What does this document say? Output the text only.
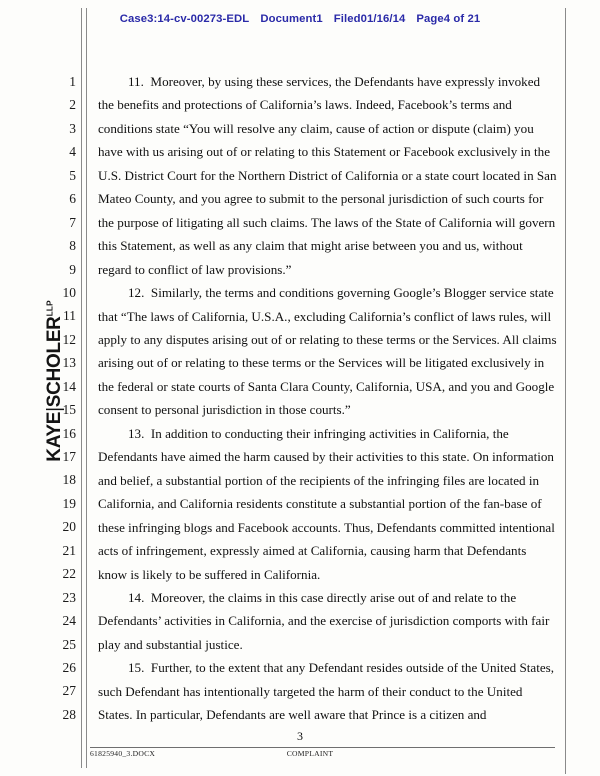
Case3:14-cv-00273-EDL Document1 Filed01/16/14 Page4 of 21
$KAYE|SCHOLER^{LLP}$
1
2
3
4
5
6
7
8
9
10
11
12
13
14
15
16
17
18
19
20
21
22
23
24
25
26
27
28

11.  Moreover, by using these services, the Defendants have expressly invoked the benefits and protections of California’s laws. Indeed, Facebook’s terms and conditions state “You will resolve any claim, cause of action or dispute (claim) you have with us arising out of or relating to this Statement or Facebook exclusively in the U.S. District Court for the Northern District of California or a state court located in San Mateo County, and you agree to submit to the personal jurisdiction of such courts for the purpose of litigating all such claims. The laws of the State of California will govern this Statement, as well as any claim that might arise between you and us, without regard to conflict of law provisions.”

12.  Similarly, the terms and conditions governing Google’s Blogger service state that “The laws of California, U.S.A., excluding California’s conflict of laws rules, will apply to any disputes arising out of or relating to these terms or the Services. All claims arising out of or relating to these terms or the Services will be litigated exclusively in the federal or state courts of Santa Clara County, California, USA, and you and Google consent to personal jurisdiction in those courts.”

13.  In addition to conducting their infringing activities in California, the Defendants have aimed the harm caused by their activities to this state. On information and belief, a substantial portion of the recipients of the infringing files are located in California, and California residents constitute a substantial portion of the fan-base of these infringing blogs and Facebook accounts. Thus, Defendants committed intentional acts of infringement, expressly aimed at California, causing harm that Defendants know is likely to be suffered in California.

14.  Moreover, the claims in this case directly arise out of and relate to the Defendants’ activities in California, and the exercise of jurisdiction comports with fair play and substantial justice.

15.  Further, to the extent that any Defendant resides outside of the United States, such Defendant has intentionally targeted the harm of their conduct to the United States. In particular, Defendants are well aware that Prince is a citizen and

3
61825940_3.DOCX	COMPLAINT
